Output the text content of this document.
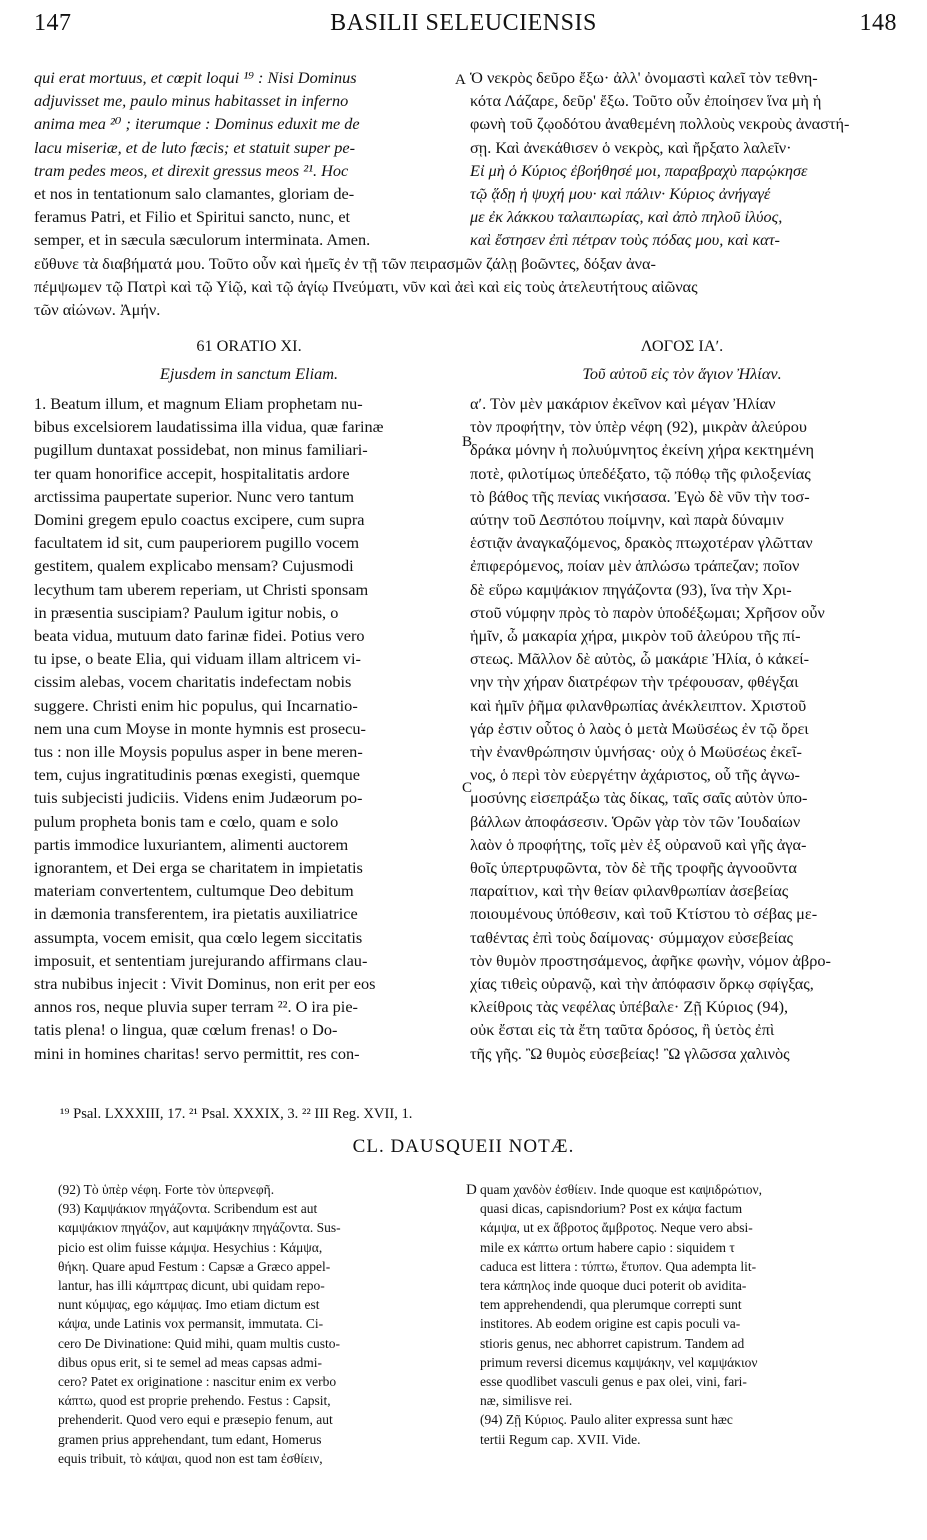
147	BASILII SELEUCIENSIS	148
A
B
C
D

qui erat mortuus, et cœpit loqui ¹⁹ : Nisi Dominus

adjuvisset me, paulo minus habitasset in inferno

anima mea ²⁰ ; iterumque : Dominus eduxit me de

lacu miseriæ, et de luto fæcis; et statuit super pe-

tram pedes meos, et direxit gressus meos ²¹. Hoc

et nos in tentationum salo clamantes, gloriam de-

feramus Patri, et Filio et Spiritui sancto, nunc, et

semper, et in sæcula sæculorum interminata. Amen.

Ὁ νεκρὸς δεῦρο ἔξω· ἀλλ' ὀνομαστὶ καλεῖ τὸν τεθνη-

κότα Λάζαρε, δεῦρ' ἔξω. Τοῦτο οὖν ἐποίησεν ἵνα μὴ ἡ

φωνὴ τοῦ ζῳοδότου ἀναθεμένη πολλοὺς νεκροὺς ἀναστή-

σῃ. Καὶ ἀνεκάθισεν ὁ νεκρὸς, καὶ ἤρξατο λαλεῖν·

Εἰ μὴ ὁ Κύριος ἐβοήθησέ μοι, παραβραχὺ παρῴκησε

τῷ ᾅδῃ ἡ ψυχή μου· καὶ πάλιν· Κύριος ἀνήγαγέ

με ἐκ λάκκου ταλαιπωρίας, καὶ ἀπὸ πηλοῦ ἰλύος,

καὶ ἔστησεν ἐπὶ πέτραν τοὺς πόδας μου, καὶ κατ-

εὔθυνε τὰ διαβήματά μου. Τοῦτο οὖν καὶ ἡμεῖς ἐν τῇ τῶν πειρασμῶν ζάλῃ βοῶντες, δόξαν ἀνα-

πέμψωμεν τῷ Πατρὶ καὶ τῷ Υἱῷ, καὶ τῷ ἁγίῳ Πνεύματι, νῦν καὶ ἀεὶ καὶ εἰς τοὺς ἀτελευτήτους αἰῶνας

τῶν αἰώνων. Ἀμήν.

61 ORATIO XI.
Ejusdem in sanctum Eliam.
ΛΟΓΟΣ ΙΑʹ.
Τοῦ αὐτοῦ εἰς τὸν ἅγιον Ἠλίαν.

1. Beatum illum, et magnum Eliam prophetam nu-

bibus excelsiorem laudatissima illa vidua, quæ farinæ

pugillum duntaxat possidebat, non minus familiari-

ter quam honorifice accepit, hospitalitatis ardore

arctissima paupertate superior. Nunc vero tantum

Domini gregem epulo coactus excipere, cum supra

facultatem id sit, cum pauperiorem pugillo vocem

gestitem, qualem explicabo mensam? Cujusmodi

lecythum tam uberem reperiam, ut Christi sponsam

in præsentia suscipiam? Paulum igitur nobis, o

beata vidua, mutuum dato farinæ fidei. Potius vero

tu ipse, o beate Elia, qui viduam illam altricem vi-

cissim alebas, vocem charitatis indefectam nobis

suggere. Christi enim hic populus, qui Incarnatio-

nem una cum Moyse in monte hymnis est prosecu-

tus : non ille Moysis populus asper in bene meren-

tem, cujus ingratitudinis pœnas exegisti, quemque

tuis subjecisti judiciis. Videns enim Judæorum po-

pulum propheta bonis tam e cœlo, quam e solo

partis immodice luxuriantem, alimenti auctorem

ignorantem, et Dei erga se charitatem in impietatis

materiam convertentem, cultumque Deo debitum

in dæmonia transferentem, ira pietatis auxiliatrice

assumpta, vocem emisit, qua cœlo legem siccitatis

imposuit, et sententiam jurejurando affirmans clau-

stra nubibus injecit : Vivit Dominus, non erit per eos

annos ros, neque pluvia super terram ²². O ira pie-

tatis plena! o lingua, quæ cœlum frenas! o Do-

mini in homines charitas! servo permittit, res con-

αʹ. Τὸν μὲν μακάριον ἐκεῖνον καὶ μέγαν Ἠλίαν

τὸν προφήτην, τὸν ὑπὲρ νέφη (92), μικρὰν ἀλεύρου

δράκα μόνην ἡ πολυύμνητος ἐκείνη χήρα κεκτημένη

ποτὲ, φιλοτίμως ὑπεδέξατο, τῷ πόθῳ τῆς φιλοξενίας

τὸ βάθος τῆς πενίας νικήσασα. Ἐγὼ δὲ νῦν τὴν τοσ-

αύτην τοῦ Δεσπότου ποίμνην, καὶ παρὰ δύναμιν

ἑστιᾷν ἀναγκαζόμενος, δρακὸς πτωχοτέραν γλῶτταν

ἐπιφερόμενος, ποίαν μὲν ἁπλώσω τράπεζαν; ποῖον

δὲ εὕρω καμψάκιον πηγάζοντα (93), ἵνα τὴν Χρι-

στοῦ νύμφην πρὸς τὸ παρὸν ὑποδέξωμαι; Χρῆσον οὖν

ἡμῖν, ὦ μακαρία χήρα, μικρὸν τοῦ ἀλεύρου τῆς πί-

στεως. Μᾶλλον δὲ αὐτὸς, ὦ μακάριε Ἠλία, ὁ κἀκεί-

νην τὴν χήραν διατρέφων τὴν τρέφουσαν, φθέγξαι

καὶ ἡμῖν ῥῆμα φιλανθρωπίας ἀνέκλειπτον. Χριστοῦ

γάρ ἐστιν οὗτος ὁ λαὸς ὁ μετὰ Μωϋσέως ἐν τῷ ὄρει

τὴν ἐνανθρώπησιν ὑμνήσας· οὐχ ὁ Μωϋσέως ἐκεῖ-

νος, ὁ περὶ τὸν εὐεργέτην ἀχάριστος, οὗ τῆς ἀγνω-

μοσύνης εἰσεπράξω τὰς δίκας, ταῖς σαῖς αὐτὸν ὑπο-

βάλλων ἀποφάσεσιν. Ὁρῶν γὰρ τὸν τῶν Ἰουδαίων

λαὸν ὁ προφήτης, τοῖς μὲν ἐξ οὐρανοῦ καὶ γῆς ἀγα-

θοῖς ὑπερτρυφῶντα, τὸν δὲ τῆς τροφῆς ἀγνοοῦντα

παραίτιον, καὶ τὴν θείαν φιλανθρωπίαν ἀσεβείας

ποιουμένους ὑπόθεσιν, καὶ τοῦ Κτίστου τὸ σέβας με-

ταθέντας ἐπὶ τοὺς δαίμονας· σύμμαχον εὐσεβείας

τὸν θυμὸν προστησάμενος, ἀφῆκε φωνὴν, νόμον ἀβρο-

χίας τιθεὶς οὐρανῷ, καὶ τὴν ἀπόφασιν ὅρκῳ σφίγξας,

κλείθροις τὰς νεφέλας ὑπέβαλε· Ζῇ Κύριος (94),

οὐκ ἔσται εἰς τὰ ἔτη ταῦτα δρόσος, ἢ ὑετὸς ἐπὶ

τῆς γῆς. Ὢ θυμὸς εὐσεβείας! Ὢ γλῶσσα χαλινὸς

¹⁹ Psal. LXXXIII, 17. ²¹ Psal. XXXIX, 3. ²² III Reg. XVII, 1.
CL. DAUSQUEII NOTÆ.

(92) Τὸ ὑπὲρ νέφη. Forte τὸν ὑπερνεφῆ.

(93) Καμψάκιον πηγάζοντα. Scribendum est aut

καμψάκιον πηγάζον, aut καμψάκην πηγάζοντα. Sus-

picio est olim fuisse κάμψα. Hesychius : Κάμψα,

θήκη. Quare apud Festum : Capsæ a Græco appel-

lantur, has illi κάμπτρας dicunt, ubi quidam repo-

nunt κύμψας, ego κάμψας. Imo etiam dictum est

κάψα, unde Latinis vox permansit, immutata. Ci-

cero De Divinatione: Quid mihi, quam multis custo-

dibus opus erit, si te semel ad meas capsas admi-

cero? Patet ex originatione : nascitur enim ex verbo

κάπτω, quod est proprie prehendo. Festus : Capsit,

prehenderit. Quod vero equi e præsepio fenum, aut

gramen prius apprehendant, tum edant, Homerus

equis tribuit, τὸ κάψαι, quod non est tam ἐσθίειν,

quam χανδὸν ἐσθίειν. Inde quoque est καψιδρώτιον,

quasi dicas, capisndorium? Post ex κάψα factum

κάμψα, ut ex ἄβροτος ἄμβροτος. Neque vero absi-

mile ex κάπτω ortum habere capio : siquidem τ

caduca est littera : τύπτω, ἔτυπον. Qua adempta lit-

tera κάπηλος inde quoque duci poterit ob avidita-

tem apprehendendi, qua plerumque correpti sunt

institores. Ab eodem origine est capis poculi va-

stioris genus, nec abhorret capistrum. Tandem ad

primum reversi dicemus καμψάκην, vel καμψάκιον

esse quodlibet vasculi genus e pax olei, vini, fari-

næ, similisve rei.

(94) Ζῇ Κύριος. Paulo aliter expressa sunt hæc

tertii Regum cap. XVII. Vide.
